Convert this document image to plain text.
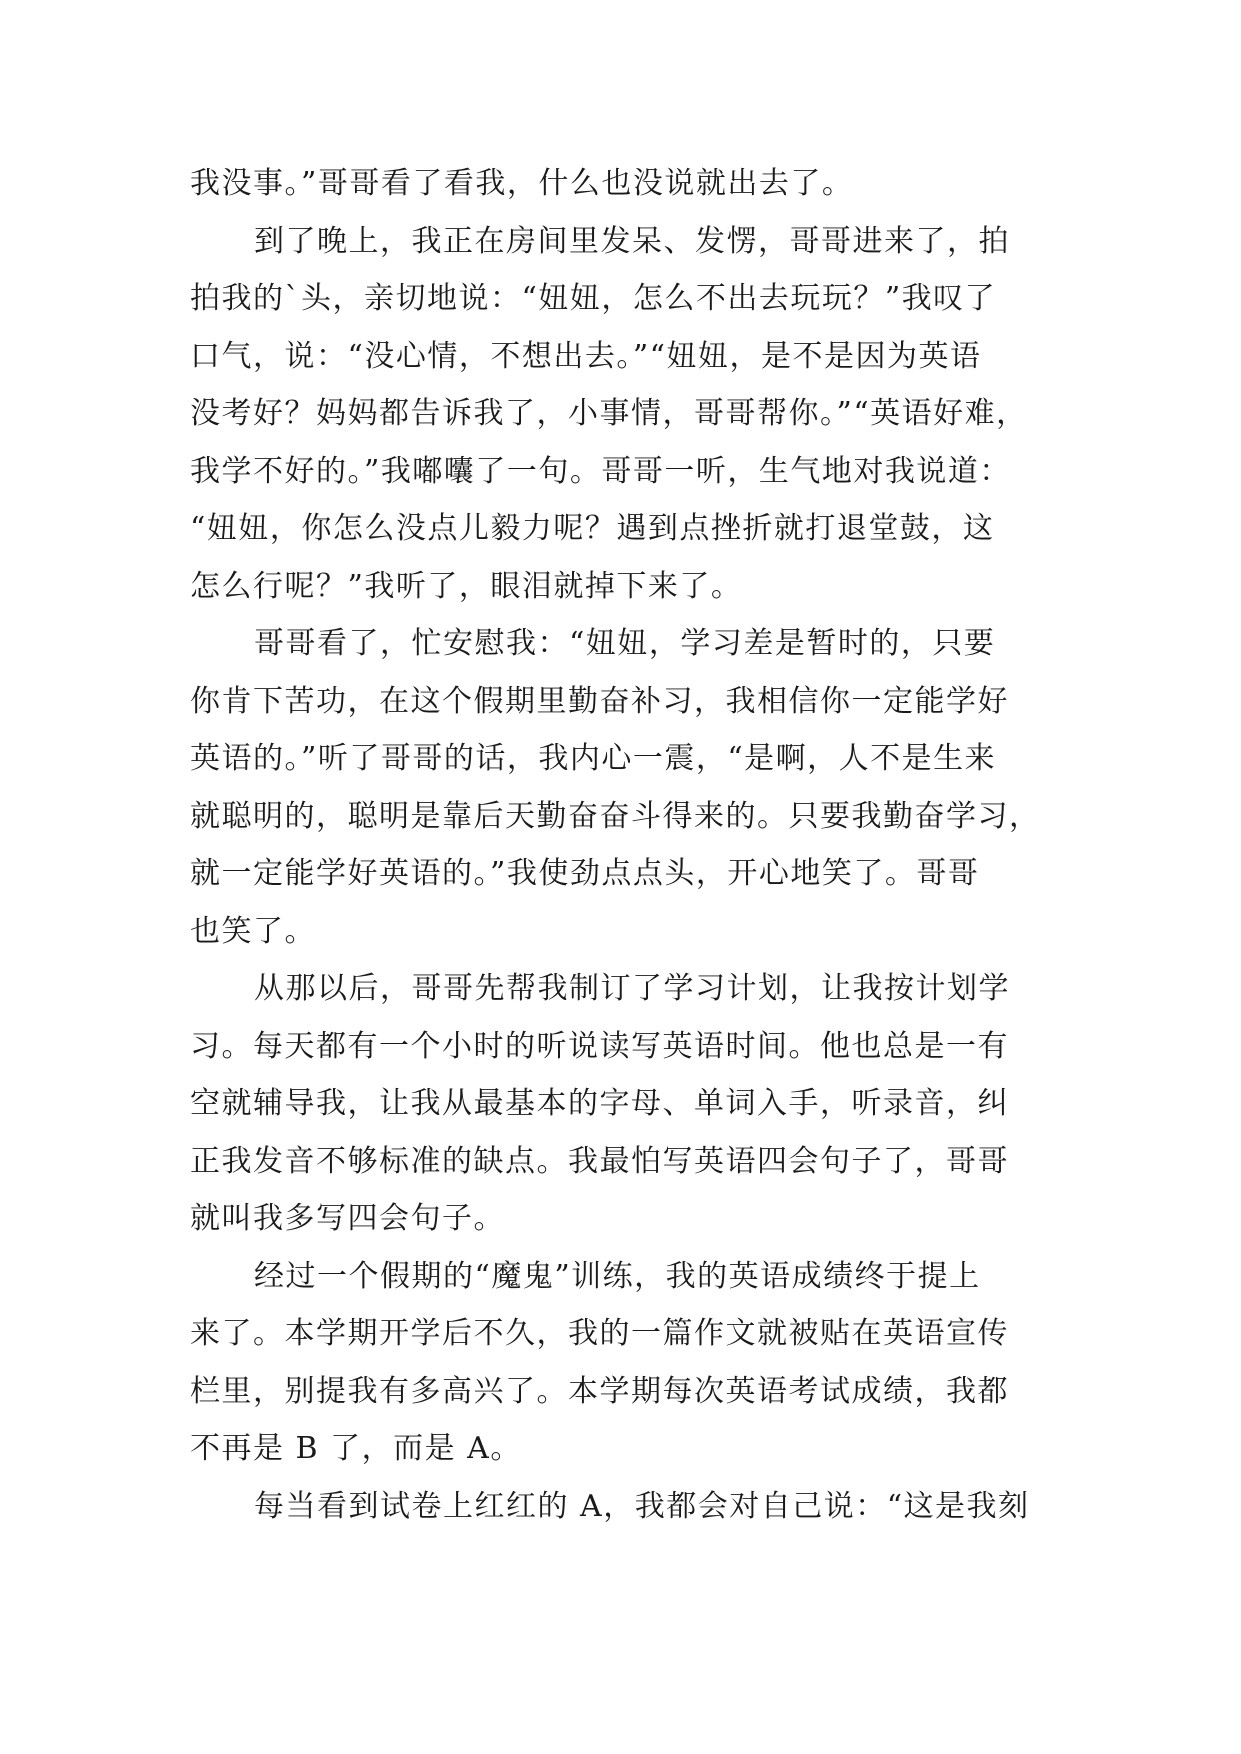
我没事。”哥哥看了看我，什么也没说就出去了。
到了晚上，我正在房间里发呆、发愣，哥哥进来了，拍
拍我的`头，亲切地说：“妞妞，怎么不出去玩玩？”我叹了
口气，说：“没心情，不想出去。”“妞妞，是不是因为英语
没考好？妈妈都告诉我了，小事情，哥哥帮你。”“英语好难，
我学不好的。”我嘟囔了一句。哥哥一听，生气地对我说道：
“妞妞，你怎么没点儿毅力呢？遇到点挫折就打退堂鼓，这
怎么行呢？”我听了，眼泪就掉下来了。
哥哥看了，忙安慰我：“妞妞，学习差是暂时的，只要
你肯下苦功，在这个假期里勤奋补习，我相信你一定能学好
英语的。”听了哥哥的话，我内心一震，“是啊，人不是生来
就聪明的，聪明是靠后天勤奋奋斗得来的。只要我勤奋学习，
就一定能学好英语的。”我使劲点点头，开心地笑了。哥哥
也笑了。
从那以后，哥哥先帮我制订了学习计划，让我按计划学
习。每天都有一个小时的听说读写英语时间。他也总是一有
空就辅导我，让我从最基本的字母、单词入手，听录音，纠
正我发音不够标准的缺点。我最怕写英语四会句子了，哥哥
就叫我多写四会句子。
经过一个假期的“魔鬼”训练，我的英语成绩终于提上
来了。本学期开学后不久，我的一篇作文就被贴在英语宣传
栏里，别提我有多高兴了。本学期每次英语考试成绩，我都
不再是 B 了，而是 A。
每当看到试卷上红红的 A，我都会对自己说：“这是我刻
